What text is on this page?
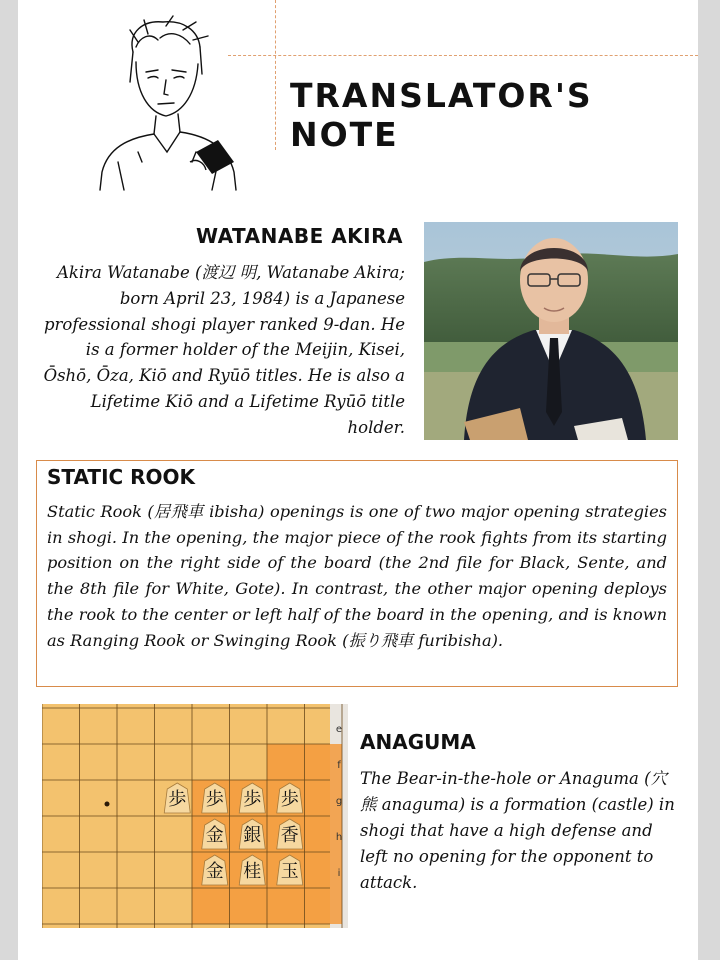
TRANSLATOR'S NOTE
WATANABE AKIRA
Akira Watanabe (渡辺 明, Watanabe Akira; born April 23, 1984) is a Japanese professional shogi player ranked 9-dan. He is a former holder of the Meijin, Kisei, Ōshō, Ōza, Kiō and Ryūō titles. He is also a Lifetime Kiō and a Lifetime Ryūō title holder.
STATIC ROOK
Static Rook (居飛車 ibisha) openings is one of two major opening strategies in shogi. In the opening, the major piece of the rook fights from its starting position on the right side of the board (the 2nd file for Black, Sente, and the 8th file for White, Gote). In contrast, the other major opening deploys the rook to the center or left half of the board in the opening, and is known as Ranging Rook or Swinging Rook (振り飛車 furibisha).
歩 歩 歩 歩
金 銀 香
金 桂 玉
e
f
g
h
i
ANAGUMA
The Bear-in-the-hole or Anaguma (穴熊 anaguma) is a formation (castle) in shogi that have a high defense and left no opening for the opponent to attack.
